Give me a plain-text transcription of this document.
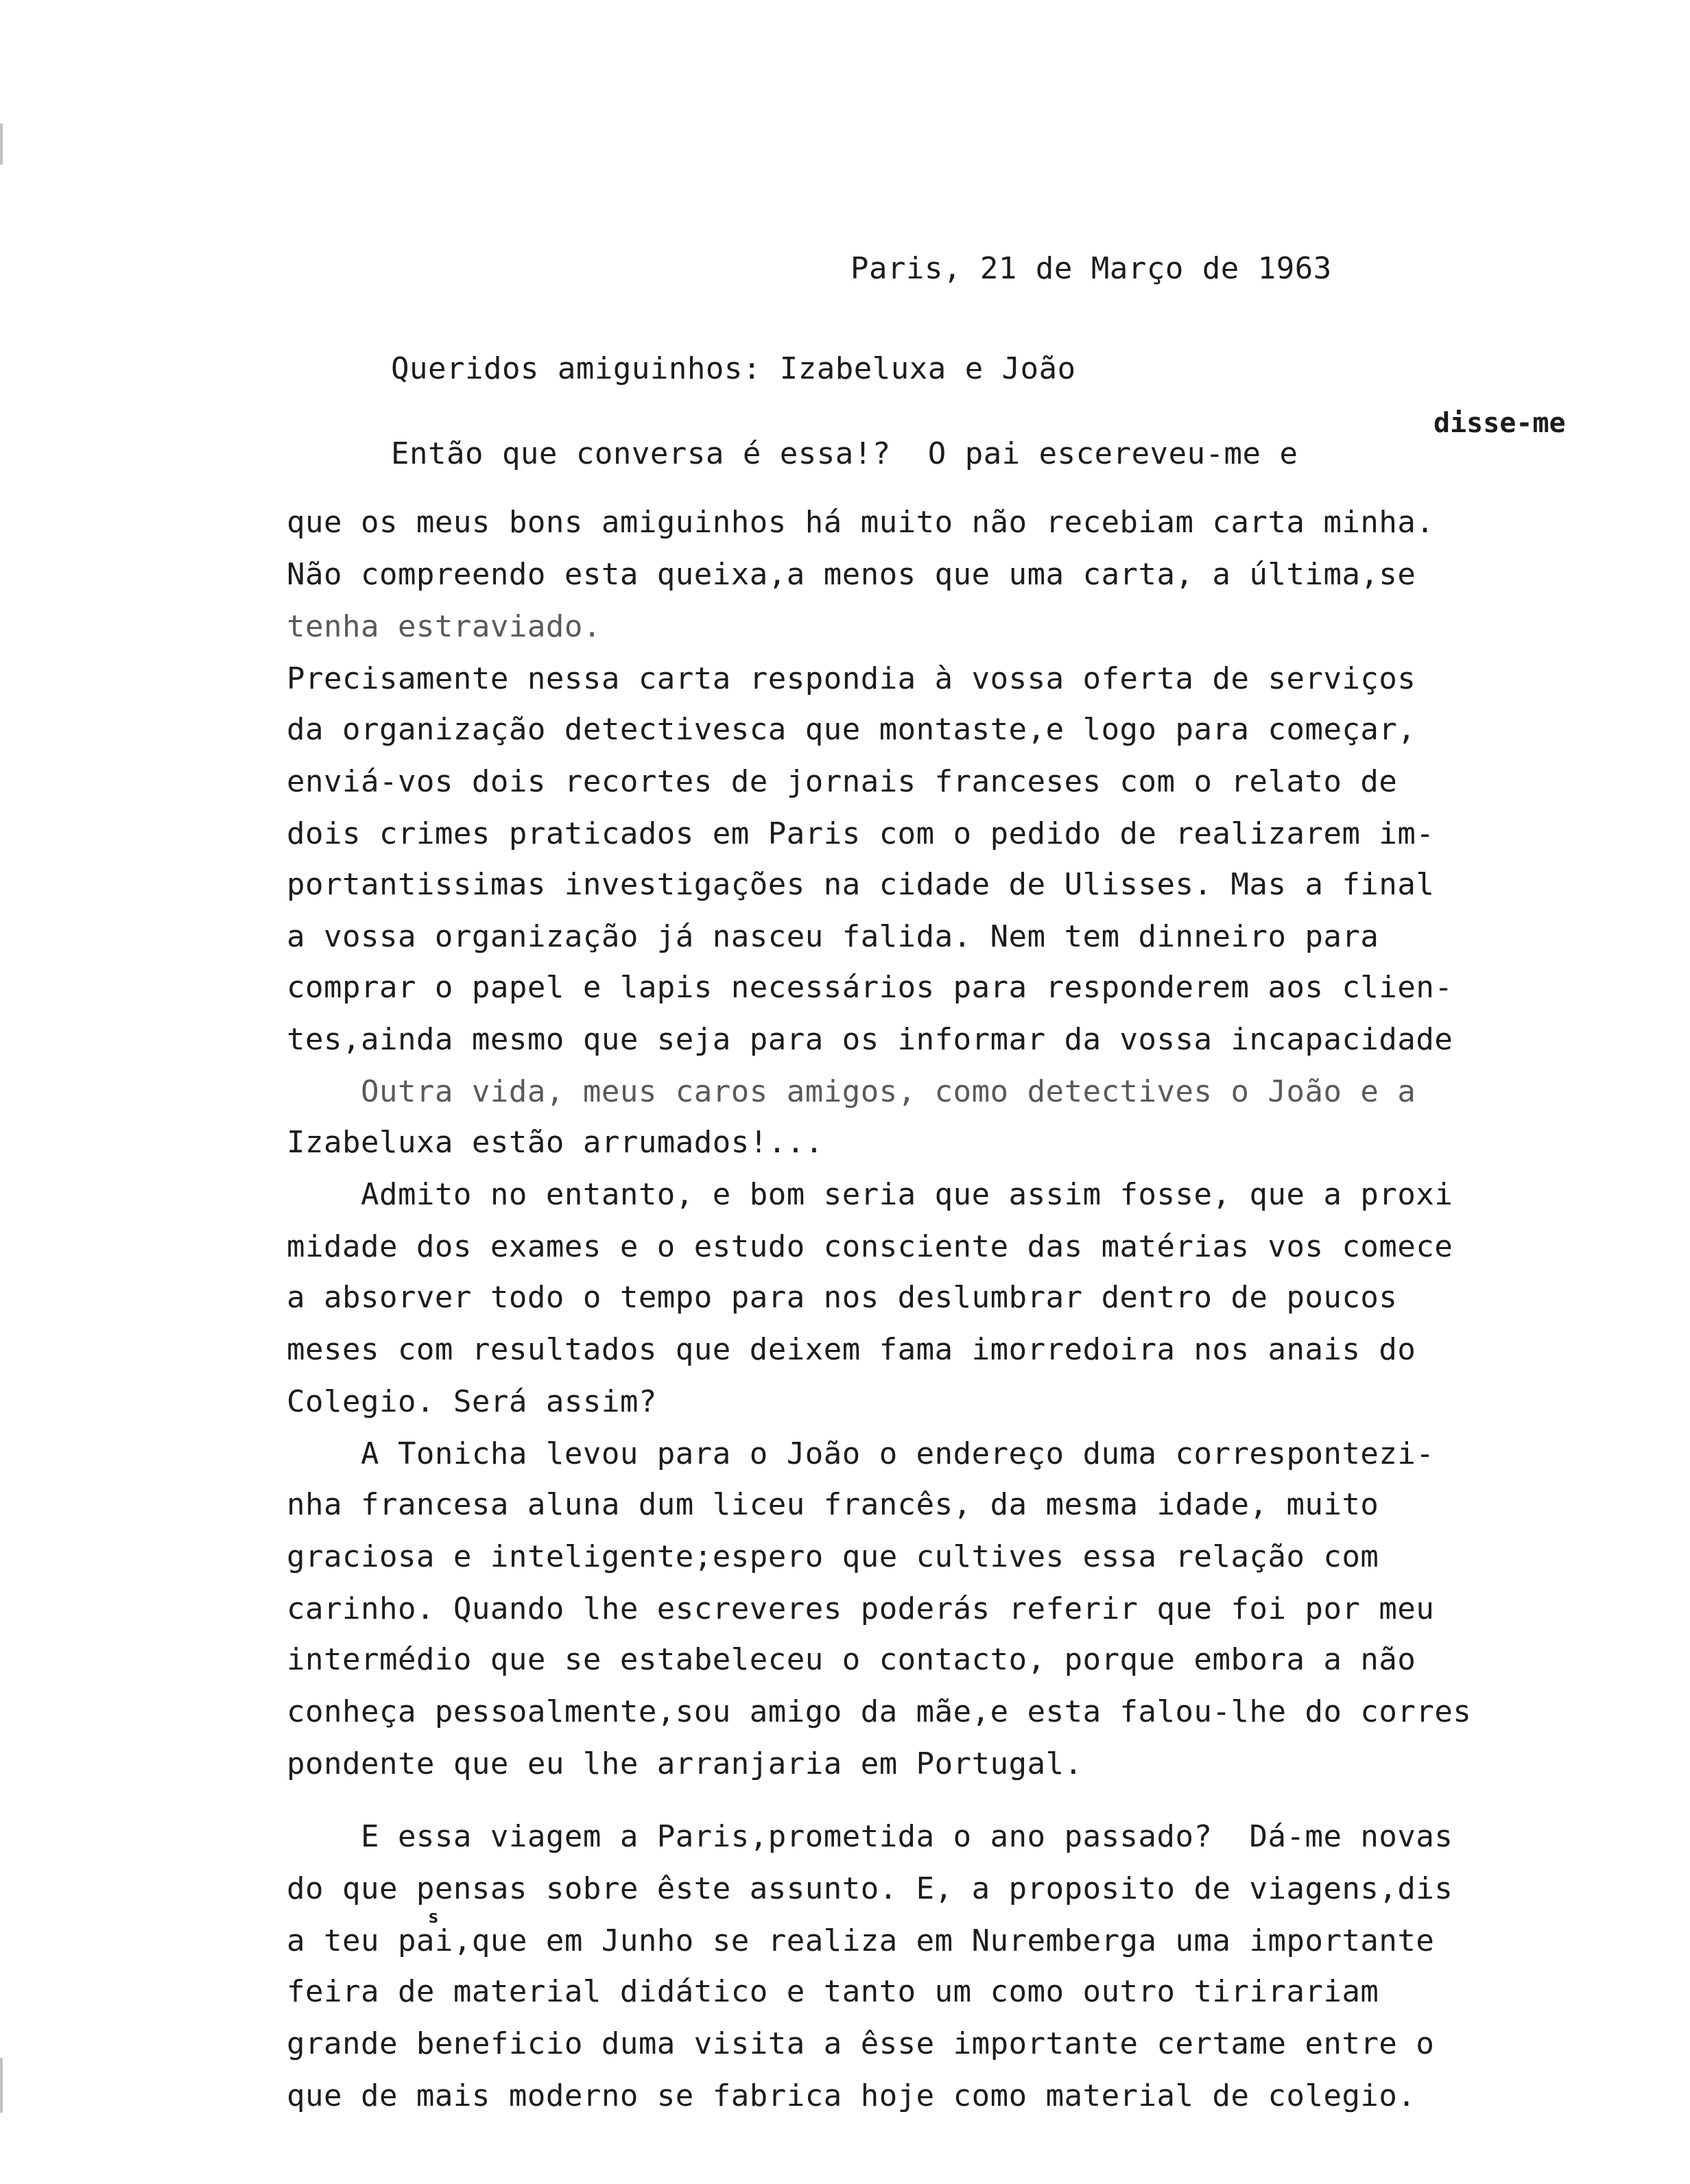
Paris, 21 de Março de 1963
Queridos amiguinhos: Izabeluxa e João
disse-me
Então que conversa é essa!?  O pai escereveu-me e
que os meus bons amiguinhos há muito não recebiam carta minha.
Não compreendo esta queixa,a menos que uma carta, a última,se
tenha estraviado.
Precisamente nessa carta respondia à vossa oferta de serviços
da organização detectivesca que montaste,e logo para começar,
enviá-vos dois recortes de jornais franceses com o relato de
dois crimes praticados em Paris com o pedido de realizarem im-
portantissimas investigações na cidade de Ulisses. Mas a final
a vossa organização já nasceu falida. Nem tem dinneiro para
comprar o papel e lapis necessários para responderem aos clien-
tes,ainda mesmo que seja para os informar da vossa incapacidade
Outra vida, meus caros amigos, como detectives o João e a
Izabeluxa estão arrumados!...
Admito no entanto, e bom seria que assim fosse, que a proxi
midade dos exames e o estudo consciente das matérias vos comece
a absorver todo o tempo para nos deslumbrar dentro de poucos
meses com resultados que deixem fama imorredoira nos anais do
Colegio. Será assim?
A Tonicha levou para o João o endereço duma correspontezi-
nha francesa aluna dum liceu francês, da mesma idade, muito
graciosa e inteligente;espero que cultives essa relação com
carinho. Quando lhe escreveres poderás referir que foi por meu
intermédio que se estabeleceu o contacto, porque embora a não
conheça pessoalmente,sou amigo da mãe,e esta falou-lhe do corres
pondente que eu lhe arranjaria em Portugal.
E essa viagem a Paris,prometida o ano passado?  Dá-me novas
do que pensas sobre êste assunto. E, a proposito de viagens,dis
s
a teu pai,que em Junho se realiza em Nuremberga uma importante
feira de material didático e tanto um como outro tirirariam
grande beneficio duma visita a êsse importante certame entre o
que de mais moderno se fabrica hoje como material de colegio.
